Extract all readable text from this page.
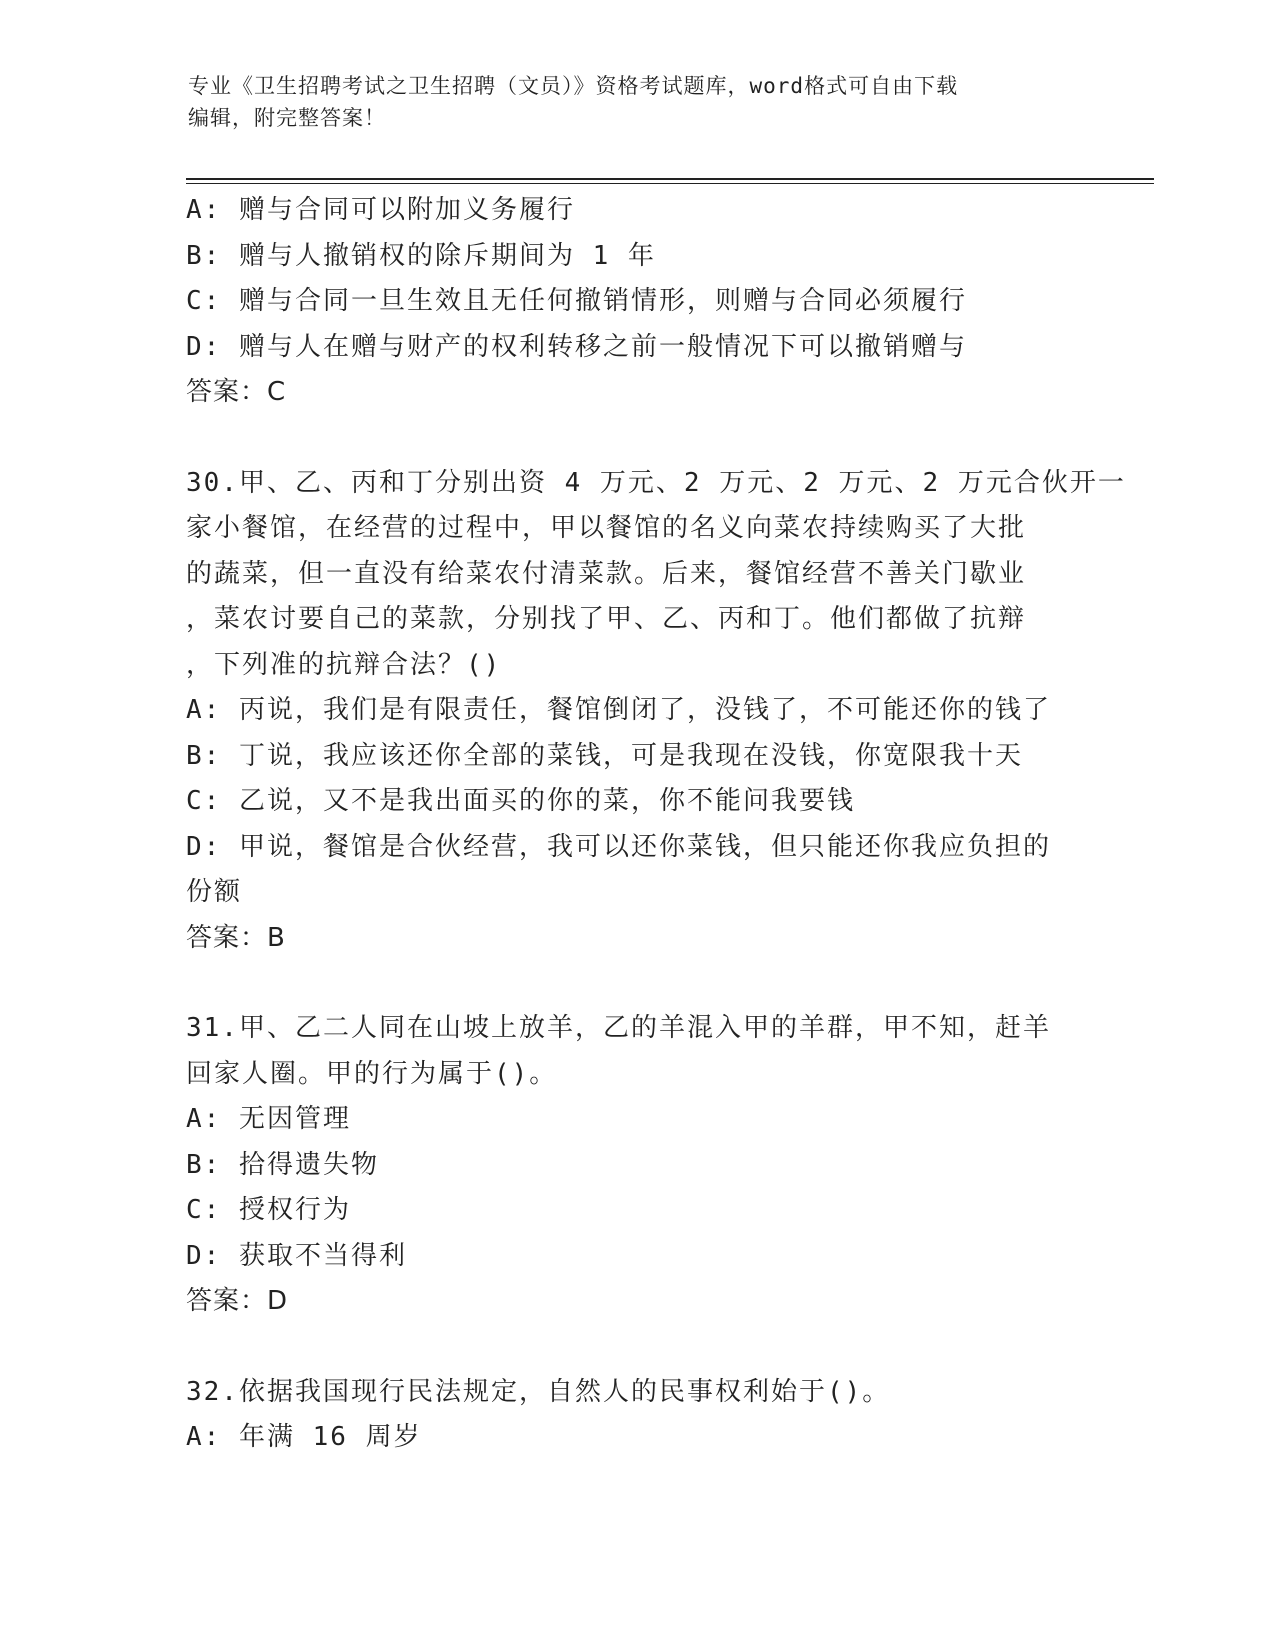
专业《卫生招聘考试之卫生招聘（文员）》资格考试题库，word格式可自由下载
编辑，附完整答案！
A: 赠与合同可以附加义务履行
B: 赠与人撤销权的除斥期间为 1 年
C: 赠与合同一旦生效且无任何撤销情形，则赠与合同必须履行
D: 赠与人在赠与财产的权利转移之前一般情况下可以撤销赠与
答案：C
30.甲、乙、丙和丁分别出资 4 万元、2 万元、2 万元、2 万元合伙开一
家小餐馆，在经营的过程中，甲以餐馆的名义向菜农持续购买了大批
的蔬菜，但一直没有给菜农付清菜款。后来，餐馆经营不善关门歇业
，菜农讨要自己的菜款，分别找了甲、乙、丙和丁。他们都做了抗辩
，下列准的抗辩合法？()
A: 丙说，我们是有限责任，餐馆倒闭了，没钱了，不可能还你的钱了
B: 丁说，我应该还你全部的菜钱，可是我现在没钱，你宽限我十天
C: 乙说，又不是我出面买的你的菜，你不能问我要钱
D: 甲说，餐馆是合伙经营，我可以还你菜钱，但只能还你我应负担的
份额
答案：B
31.甲、乙二人同在山坡上放羊，乙的羊混入甲的羊群，甲不知，赶羊
回家人圈。甲的行为属于()。
A: 无因管理
B: 拾得遗失物
C: 授权行为
D: 获取不当得利
答案：D
32.依据我国现行民法规定，自然人的民事权利始于()。
A: 年满 16 周岁
